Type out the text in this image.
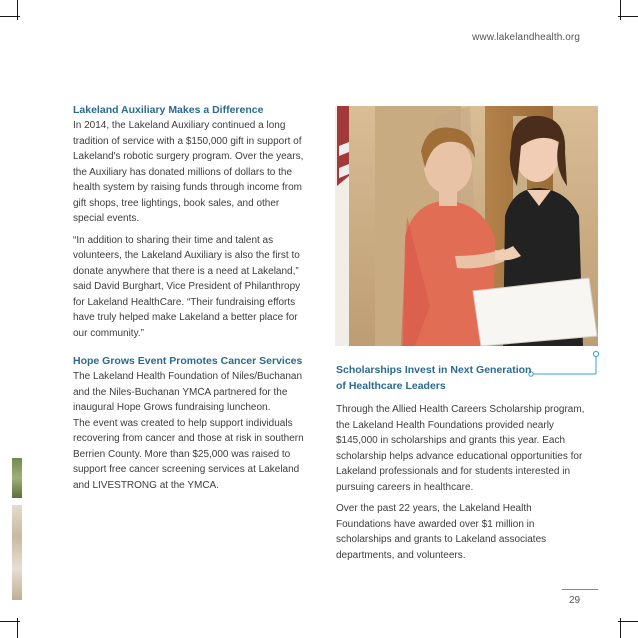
www.lakelandhealth.org
Lakeland Auxiliary Makes a Difference

In 2014, the Lakeland Auxiliary continued a long tradition of service with a $150,000 gift in support of Lakeland's robotic surgery program. Over the years, the Auxiliary has donated millions of dollars to the health system by raising funds through income from gift shops, tree lightings, book sales, and other special events.

“In addition to sharing their time and talent as volunteers, the Lakeland Auxiliary is also the first to donate anywhere that there is a need at Lakeland,” said David Burghart, Vice President of Philanthropy for Lakeland HealthCare. “Their fundraising efforts have truly helped make Lakeland a better place for our community.”

Hope Grows Event Promotes Cancer Services

The Lakeland Health Foundation of Niles/Buchanan and the Niles-Buchanan YMCA partnered for the inaugural Hope Grows fundraising luncheon.

The event was created to help support individuals recovering from cancer and those at risk in southern Berrien County. More than $25,000 was raised to support free cancer screening services at Lakeland and LIVESTRONG at the YMCA.

Scholarships Invest in Next Generation
of Healthcare Leaders

Through the Allied Health Careers Scholarship program, the Lakeland Health Foundations provided nearly $145,000 in scholarships and grants this year. Each scholarship helps advance educational opportunities for Lakeland professionals and for students interested in pursuing careers in healthcare.

Over the past 22 years, the Lakeland Health Foundations have awarded over $1 million in scholarships and grants to Lakeland associates departments, and volunteers.

29
